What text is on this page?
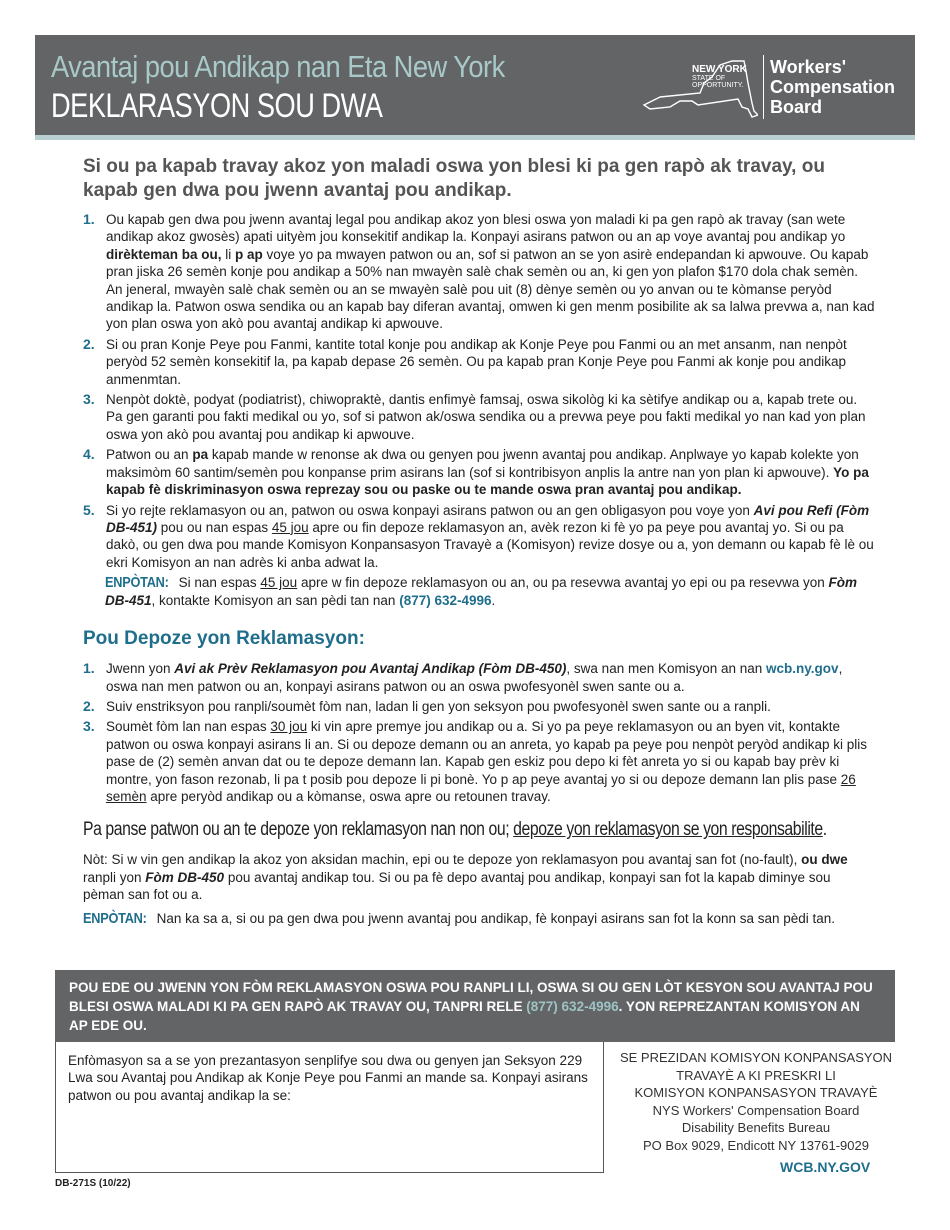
Avantaj pou Andikap nan Eta New York
DEKLARASYON SOU DWA
NEW YORK
STATE OF
OPPORTUNITY.
Workers'
Compensation
Board
Si ou pa kapab travay akoz yon maladi oswa yon blesi ki pa gen rapò ak travay, ou kapab gen dwa pou jwenn avantaj pou andikap.
1. Ou kapab gen dwa pou jwenn avantaj legal pou andikap akoz yon blesi oswa yon maladi ki pa gen rapò ak travay (san wete andikap akoz gwosès) apati uityèm jou konsekitif andikap la. Konpayi asirans patwon ou an ap voye avantaj pou andikap yo dirèkteman ba ou, li p ap voye yo pa mwayen patwon ou an, sof si patwon an se yon asirè endepandan ki apwouve. Ou kapab pran jiska 26 semèn konje pou andikap a 50% nan mwayèn salè chak semèn ou an, ki gen yon plafon $170 dola chak semèn. An jeneral, mwayèn salè chak semèn ou an se mwayèn salè pou uit (8) dènye semèn ou yo anvan ou te kòmanse peryòd andikap la. Patwon oswa sendika ou an kapab bay diferan avantaj, omwen ki gen menm posibilite ak sa lalwa prevwa a, nan kad yon plan oswa yon akò pou avantaj andikap ki apwouve.
2. Si ou pran Konje Peye pou Fanmi, kantite total konje pou andikap ak Konje Peye pou Fanmi ou an met ansanm, nan nenpòt peryòd 52 semèn konsekitif la, pa kapab depase 26 semèn. Ou pa kapab pran Konje Peye pou Fanmi ak konje pou andikap anmenmtan.
3. Nenpòt doktè, podyat (podiatrist), chiwopraktè, dantis enfimyè famsaj, oswa sikològ ki ka sètifye andikap ou a, kapab trete ou. Pa gen garanti pou fakti medikal ou yo, sof si patwon ak/oswa sendika ou a prevwa peye pou fakti medikal yo nan kad yon plan oswa yon akò pou avantaj pou andikap ki apwouve.
4. Patwon ou an pa kapab mande w renonse ak dwa ou genyen pou jwenn avantaj pou andikap. Anplwaye yo kapab kolekte yon maksimòm 60 santim/semèn pou konpanse prim asirans lan (sof si kontribisyon anplis la antre nan yon plan ki apwouve). Yo pa kapab fè diskriminasyon oswa reprezay sou ou paske ou te mande oswa pran avantaj pou andikap.
5. Si yo rejte reklamasyon ou an, patwon ou oswa konpayi asirans patwon ou an gen obligasyon pou voye yon Avi pou Refi (Fòm DB-451) pou ou nan espas 45 jou apre ou fin depoze reklamasyon an, avèk rezon ki fè yo pa peye pou avantaj yo. Si ou pa dakò, ou gen dwa pou mande Komisyon Konpansasyon Travayè a (Komisyon) revize dosye ou a, yon demann ou kapab fè lè ou ekri Komisyon an nan adrès ki anba adwat la.
ENPÒTAN: Si nan espas 45 jou apre w fin depoze reklamasyon ou an, ou pa resevwa avantaj yo epi ou pa resevwa yon Fòm DB-451, kontakte Komisyon an san pèdi tan nan (877) 632-4996.
Pou Depoze yon Reklamasyon:
1. Jwenn yon Avi ak Prèv Reklamasyon pou Avantaj Andikap (Fòm DB-450), swa nan men Komisyon an nan wcb.ny.gov, oswa nan men patwon ou an, konpayi asirans patwon ou an oswa pwofesyonèl swen sante ou a.
2. Suiv enstriksyon pou ranpli/soumèt fòm nan, ladan li gen yon seksyon pou pwofesyonèl swen sante ou a ranpli.
3. Soumèt fòm lan nan espas 30 jou ki vin apre premye jou andikap ou a. Si yo pa peye reklamasyon ou an byen vit, kontakte patwon ou oswa konpayi asirans li an. Si ou depoze demann ou an anreta, yo kapab pa peye pou nenpòt peryòd andikap ki plis pase de (2) semèn anvan dat ou te depoze demann lan. Kapab gen eskiz pou depo ki fèt anreta yo si ou kapab bay prèv ki montre, yon fason rezonab, li pa t posib pou depoze li pi bonè. Yo p ap peye avantaj yo si ou depoze demann lan plis pase 26 semèn apre peryòd andikap ou a kòmanse, oswa apre ou retounen travay.
Pa panse patwon ou an te depoze yon reklamasyon nan non ou; depoze yon reklamasyon se yon responsabilite.
Nòt: Si w vin gen andikap la akoz yon aksidan machin, epi ou te depoze yon reklamasyon pou avantaj san fot (no-fault), ou dwe ranpli yon Fòm DB-450 pou avantaj andikap tou. Si ou pa fè depo avantaj pou andikap, konpayi san fot la kapab diminye sou pèman san fot ou a.
ENPÒTAN: Nan ka sa a, si ou pa gen dwa pou jwenn avantaj pou andikap, fè konpayi asirans san fot la konn sa san pèdi tan.
POU EDE OU JWENN YON FÒM REKLAMASYON OSWA POU RANPLI LI, OSWA SI OU GEN LÒT KESYON SOU AVANTAJ POU BLESI OSWA MALADI KI PA GEN RAPÒ AK TRAVAY OU, TANPRI RELE (877) 632-4996. YON REPREZANTAN KOMISYON AN AP EDE OU.
Enfòmasyon sa a se yon prezantasyon senplifye sou dwa ou genyen jan Seksyon 229 Lwa sou Avantaj pou Andikap ak Konje Peye pou Fanmi an mande sa. Konpayi asirans patwon ou pou avantaj andikap la se:
SE PREZIDAN KOMISYON KONPANSASYON
TRAVAYÈ A KI PRESKRI LI
KOMISYON KONPANSASYON TRAVAYÈ
NYS Workers' Compensation Board
Disability Benefits Bureau
PO Box 9029, Endicott NY 13761-9029
WCB.NY.GOV
DB-271S (10/22)
